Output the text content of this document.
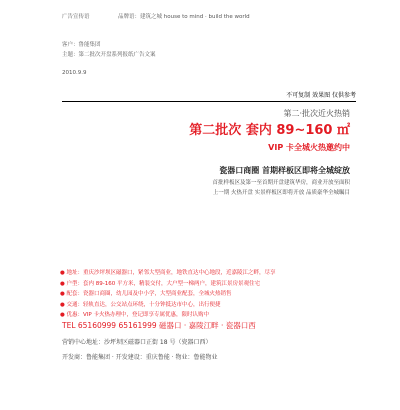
广告宣传语	品牌语：建筑之城 house to mind · build the world
客户：鲁能集团
主题：第二批次开盘系列报纸广告文案
2010.9.9
不可复制 效果图 仅供参考
第二·批次近火热销
第二批次 套内 89~160 ㎡
VIP 卡全城火热邀约中
瓷器口商圈 首期样板区即将全城绽放
首批样板区及第一至首期开盘建筑华房，商业开放至面积
上一期 火热开盘 实景样板区即将开放 品质豪华全城瞩目
● 地址：重庆沙坪坝区磁器口，紧邻大型商业，地铁直达中心地段，近嘉陵江之畔，尽享
● 户型：套内 89-160 平方米，精装交付，大户型一梯两户，建筑江景房景观住宅
● 配套：瓷器口商圈，幼儿园及中小学，大型商业配套，全城火热销售
● 交通：轻轨直达，公交站点环绕，十分钟抵达市中心，出行便捷
● 优惠：VIP 卡火热办理中，登记即享专属优惠，限时认购中
TEL 65160999 65161999 磁器口 · 嘉陵江畔 · 瓷器口西
营销中心地址：沙坪坝区磁器口正街 18 号（瓷器口西）
开发商：鲁能集团 · 开发建设：重庆鲁能 · 物业：鲁能物业
